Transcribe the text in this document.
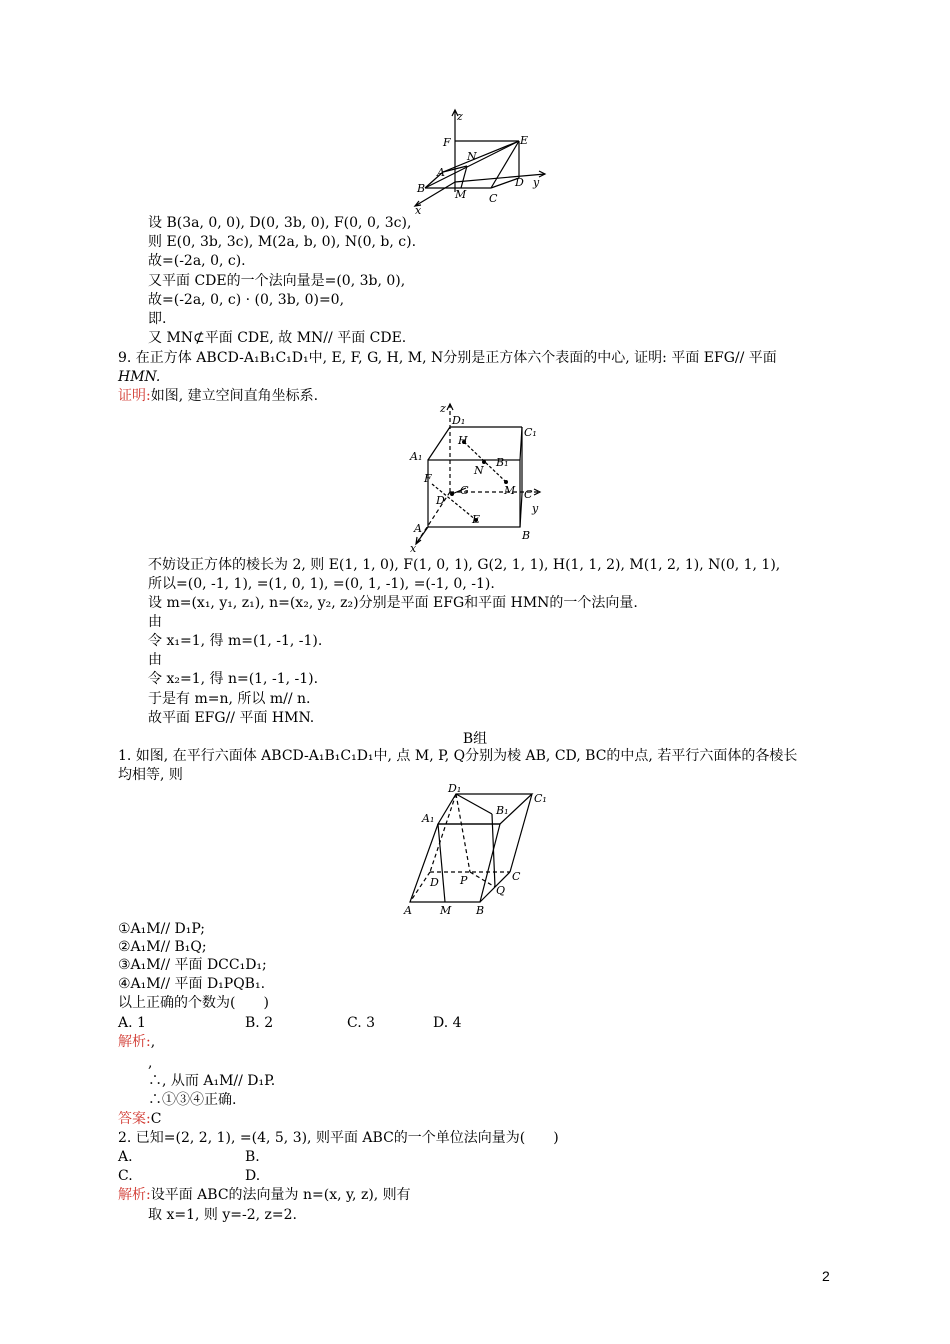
z
F	E
N
A
D y
B	M C
x
设 B(3a, 0, 0), D(0, 3b, 0), F(0, 0, 3c),
则 E(0, 3b, 3c), M(2a, b, 0), N(0, b, c).
故=(-2a, 0, c).
又平面 CDE的一个法向量是=(0, 3b, 0),
故=(-2a, 0, c) · (0, 3b, 0)=0,
即.
又 MN⊄平面 CDE, 故 MN// 平面 CDE.
9. 在正方体 ABCD-A₁B₁C₁D₁中, E, F, G, H, M, N分别是正方体六个表面的中心, 证明: 平面 EFG// 平面
HMN.
证明:如图, 建立空间直角坐标系.
z
D₁
C₁
H
A₁	B₁
N
F
M
G	C
D
y
E
A
B
x
不妨设正方体的棱长为 2, 则 E(1, 1, 0), F(1, 0, 1), G(2, 1, 1), H(1, 1, 2), M(1, 2, 1), N(0, 1, 1),
所以=(0, -1, 1), =(1, 0, 1), =(0, 1, -1), =(-1, 0, -1).
设 m=(x₁, y₁, z₁), n=(x₂, y₂, z₂)分别是平面 EFG和平面 HMN的一个法向量.
由
令 x₁=1, 得 m=(1, -1, -1).
由
令 x₂=1, 得 n=(1, -1, -1).
于是有 m=n, 所以 m// n.
故平面 EFG// 平面 HMN.
B组
1. 如图, 在平行六面体 ABCD-A₁B₁C₁D₁中, 点 M, P, Q分别为棱 AB, CD, BC的中点, 若平行六面体的各棱长
均相等, 则
D₁
C₁
B₁
A₁
D P	C
Q
A	M B
①A₁M// D₁P;
②A₁M// B₁Q;
③A₁M// 平面 DCC₁D₁;
④A₁M// 平面 D₁PQB₁.
以上正确的个数为(　　)
A. 1	B. 2	C. 3	D. 4
解析:,
,
∴, 从而 A₁M// D₁P.
∴①③④正确.
答案:C
2. 已知=(2, 2, 1), =(4, 5, 3), 则平面 ABC的一个单位法向量为(　　)
A.	B.
C.	D.
解析:设平面 ABC的法向量为 n=(x, y, z), 则有
取 x=1, 则 y=-2, z=2.
2
